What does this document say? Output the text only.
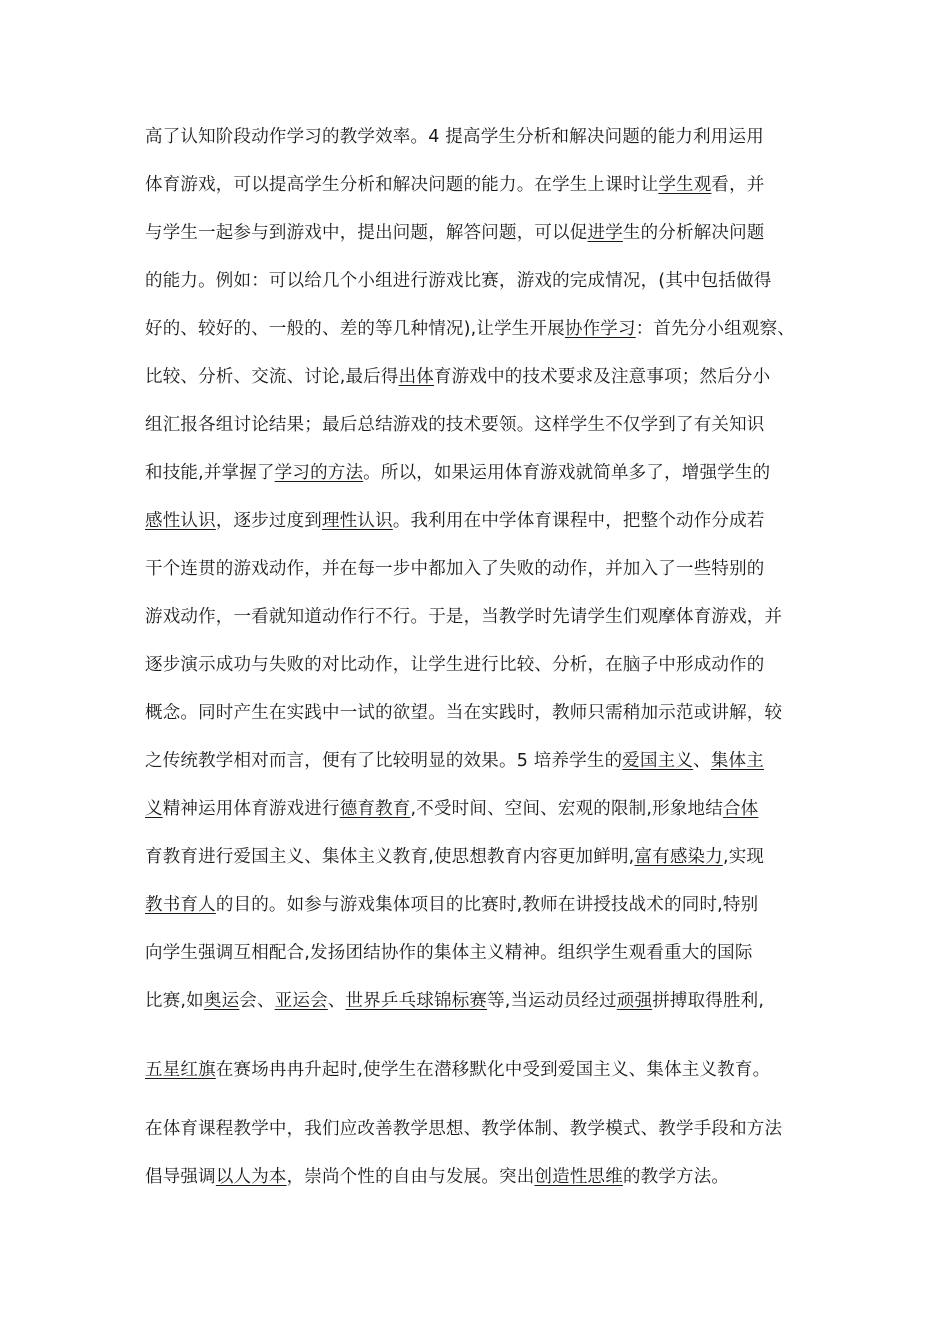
高了认知阶段动作学习的教学效率。4 提高学生分析和解决问题的能力利用运用
体育游戏，可以提高学生分析和解决问题的能力。在学生上课时让学生观看，并
与学生一起参与到游戏中，提出问题，解答问题，可以促进学生的分析解决问题
的能力。例如：可以给几个小组进行游戏比赛，游戏的完成情况，(其中包括做得
好的、较好的、一般的、差的等几种情况),让学生开展协作学习：首先分小组观察、
比较、分析、交流、讨论,最后得出体育游戏中的技术要求及注意事项；然后分小
组汇报各组讨论结果；最后总结游戏的技术要领。这样学生不仅学到了有关知识
和技能,并掌握了学习的方法。所以，如果运用体育游戏就简单多了，增强学生的
感性认识，逐步过度到理性认识。我利用在中学体育课程中，把整个动作分成若
干个连贯的游戏动作，并在每一步中都加入了失败的动作，并加入了一些特别的
游戏动作，一看就知道动作行不行。于是，当教学时先请学生们观摩体育游戏，并
逐步演示成功与失败的对比动作，让学生进行比较、分析，在脑子中形成动作的
概念。同时产生在实践中一试的欲望。当在实践时，教师只需稍加示范或讲解，较
之传统教学相对而言，便有了比较明显的效果。5 培养学生的爱国主义、集体主
义精神运用体育游戏进行德育教育,不受时间、空间、宏观的限制,形象地结合体
育教育进行爱国主义、集体主义教育,使思想教育内容更加鲜明,富有感染力,实现
教书育人的目的。如参与游戏集体项目的比赛时,教师在讲授技战术的同时,特别
向学生强调互相配合,发扬团结协作的集体主义精神。组织学生观看重大的国际
比赛,如奥运会、亚运会、世界乒乓球锦标赛等,当运动员经过顽强拼搏取得胜利,
五星红旗在赛场冉冉升起时,使学生在潜移默化中受到爱国主义、集体主义教育。
在体育课程教学中，我们应改善教学思想、教学体制、教学模式、教学手段和方法
倡导强调以人为本，崇尚个性的自由与发展。突出创造性思维的教学方法。
